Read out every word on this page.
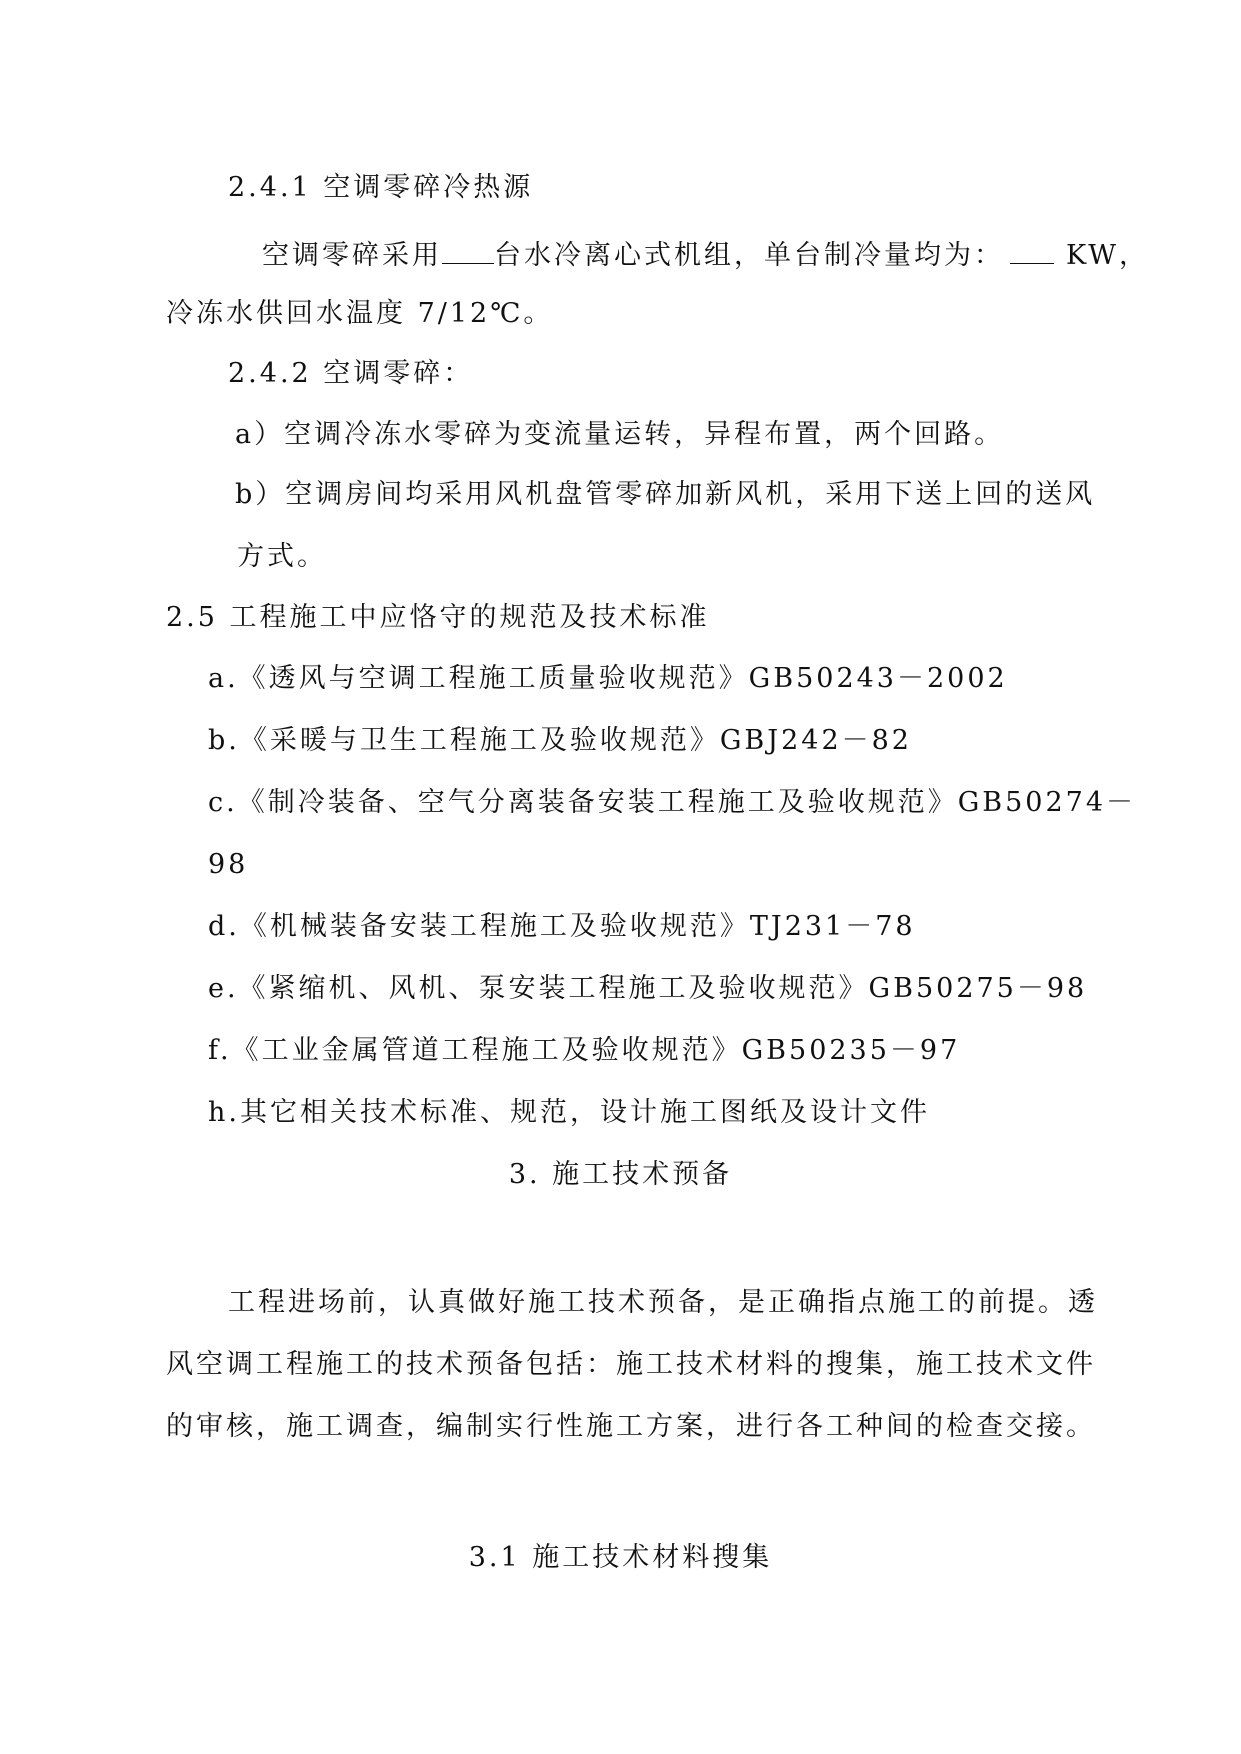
2.4.1 空调零碎冷热源
空调零碎采用 台水冷离心式机组，单台制冷量均为： KW，
冷冻水供回水温度 7/12℃。
2.4.2 空调零碎：
a）空调冷冻水零碎为变流量运转，异程布置，两个回路。
b）空调房间均采用风机盘管零碎加新风机，采用下送上回的送风
方式。
2.5 工程施工中应恪守的规范及技术标准
a.《透风与空调工程施工质量验收规范》GB50243－2002
b.《采暖与卫生工程施工及验收规范》GBJ242－82
c.《制冷装备、空气分离装备安装工程施工及验收规范》GB50274－
98
d.《机械装备安装工程施工及验收规范》TJ231－78
e.《紧缩机、风机、泵安装工程施工及验收规范》GB50275－98
f.《工业金属管道工程施工及验收规范》GB50235－97
h.其它相关技术标准、规范，设计施工图纸及设计文件
3. 施工技术预备
工程进场前，认真做好施工技术预备，是正确指点施工的前提。透
风空调工程施工的技术预备包括：施工技术材料的搜集，施工技术文件
的审核，施工调查，编制实行性施工方案，进行各工种间的检查交接。
3.1 施工技术材料搜集
